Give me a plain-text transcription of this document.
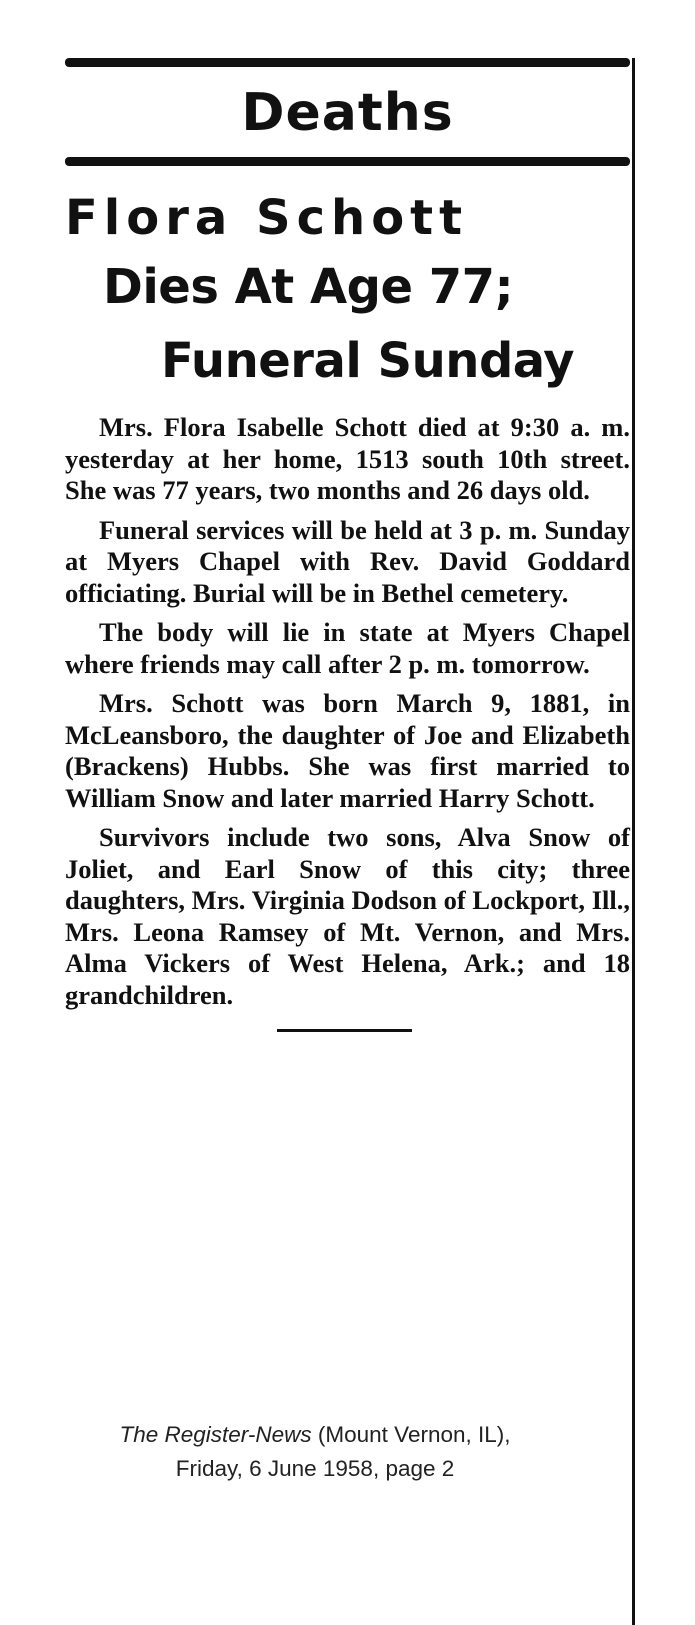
Deaths
Flora Schott
Dies At Age 77;
Funeral Sunday

Mrs. Flora Isabelle Schott died at 9:30 a. m. yesterday at her home, 1513 south 10th street. She was 77 years, two months and 26 days old.

Funeral services will be held at 3 p. m. Sunday at Myers Chapel with Rev. David Goddard officiating. Burial will be in Bethel cemetery.

The body will lie in state at Myers Chapel where friends may call after 2 p. m. tomorrow.

Mrs. Schott was born March 9, 1881, in McLeansboro, the daughter of Joe and Elizabeth (Brackens) Hubbs. She was first married to William Snow and later married Harry Schott.

Survivors include two sons, Alva Snow of Joliet, and Earl Snow of this city; three daughters, Mrs. Virginia Dodson of Lockport, Ill., Mrs. Leona Ramsey of Mt. Vernon, and Mrs. Alma Vickers of West Helena, Ark.; and 18 grandchildren.

The Register-News (Mount Vernon, IL),
Friday, 6 June 1958, page 2
